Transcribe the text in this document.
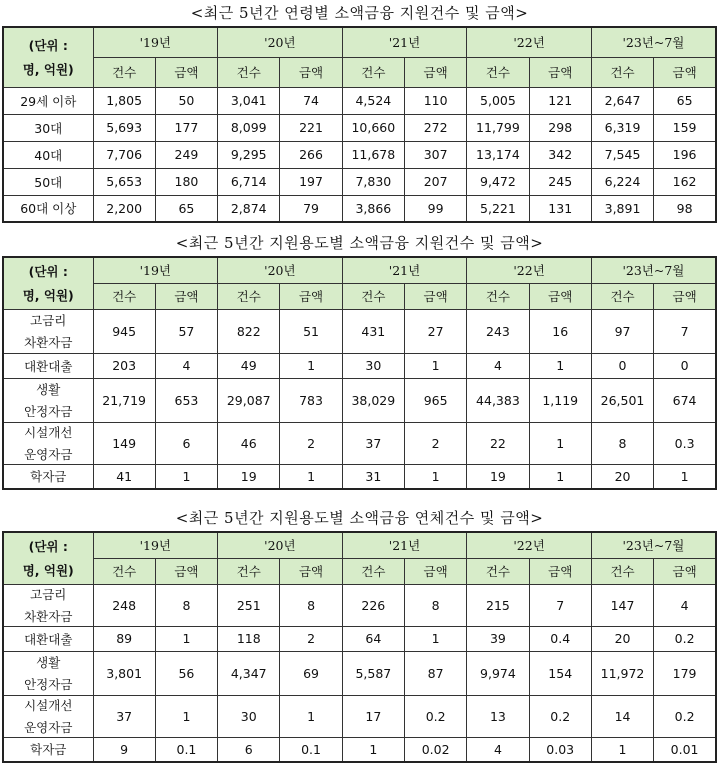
<최근 5년간 연령별 소액금융 지원건수 및 금액>
(단위 :
명, 억원)	'19년		'20년		'21년		'22년		'23년~7월	
	건수	금액	건수	금액	건수	금액	건수	금액	건수	금액

29세 이하	1,805	50	3,041	74	4,524	110	5,005	121	2,647	65

30대	5,693	177	8,099	221	10,660	272	11,799	298	6,319	159

40대	7,706	249	9,295	266	11,678	307	13,174	342	7,545	196

50대	5,653	180	6,714	197	7,830	207	9,472	245	6,224	162

60대 이상	2,200	65	2,874	79	3,866	99	5,221	131	3,891	98
<최근 5년간 지원용도별 소액금융 지원건수 및 금액>
(단위 :
명, 억원)	'19년		'20년		'21년		'22년		'23년~7월	
	건수	금액	건수	금액	건수	금액	건수	금액	건수	금액

고금리
차환자금	945	57	822	51	431	27	243	16	97	7

대환대출	203	4	49	1	30	1	4	1	0	0

생활
안정자금	21,719	653	29,087	783	38,029	965	44,383	1,119	26,501	674

시설개선
운영자금	149	6	46	2	37	2	22	1	8	0.3

학자금	41	1	19	1	31	1	19	1	20	1
<최근 5년간 지원용도별 소액금융 연체건수 및 금액>
(단위 :
명, 억원)	'19년		'20년		'21년		'22년		'23년~7월	
	건수	금액	건수	금액	건수	금액	건수	금액	건수	금액

고금리
차환자금	248	8	251	8	226	8	215	7	147	4

대환대출	89	1	118	2	64	1	39	0.4	20	0.2

생활
안정자금	3,801	56	4,347	69	5,587	87	9,974	154	11,972	179

시설개선
운영자금	37	1	30	1	17	0.2	13	0.2	14	0.2

학자금	9	0.1	6	0.1	1	0.02	4	0.03	1	0.01
